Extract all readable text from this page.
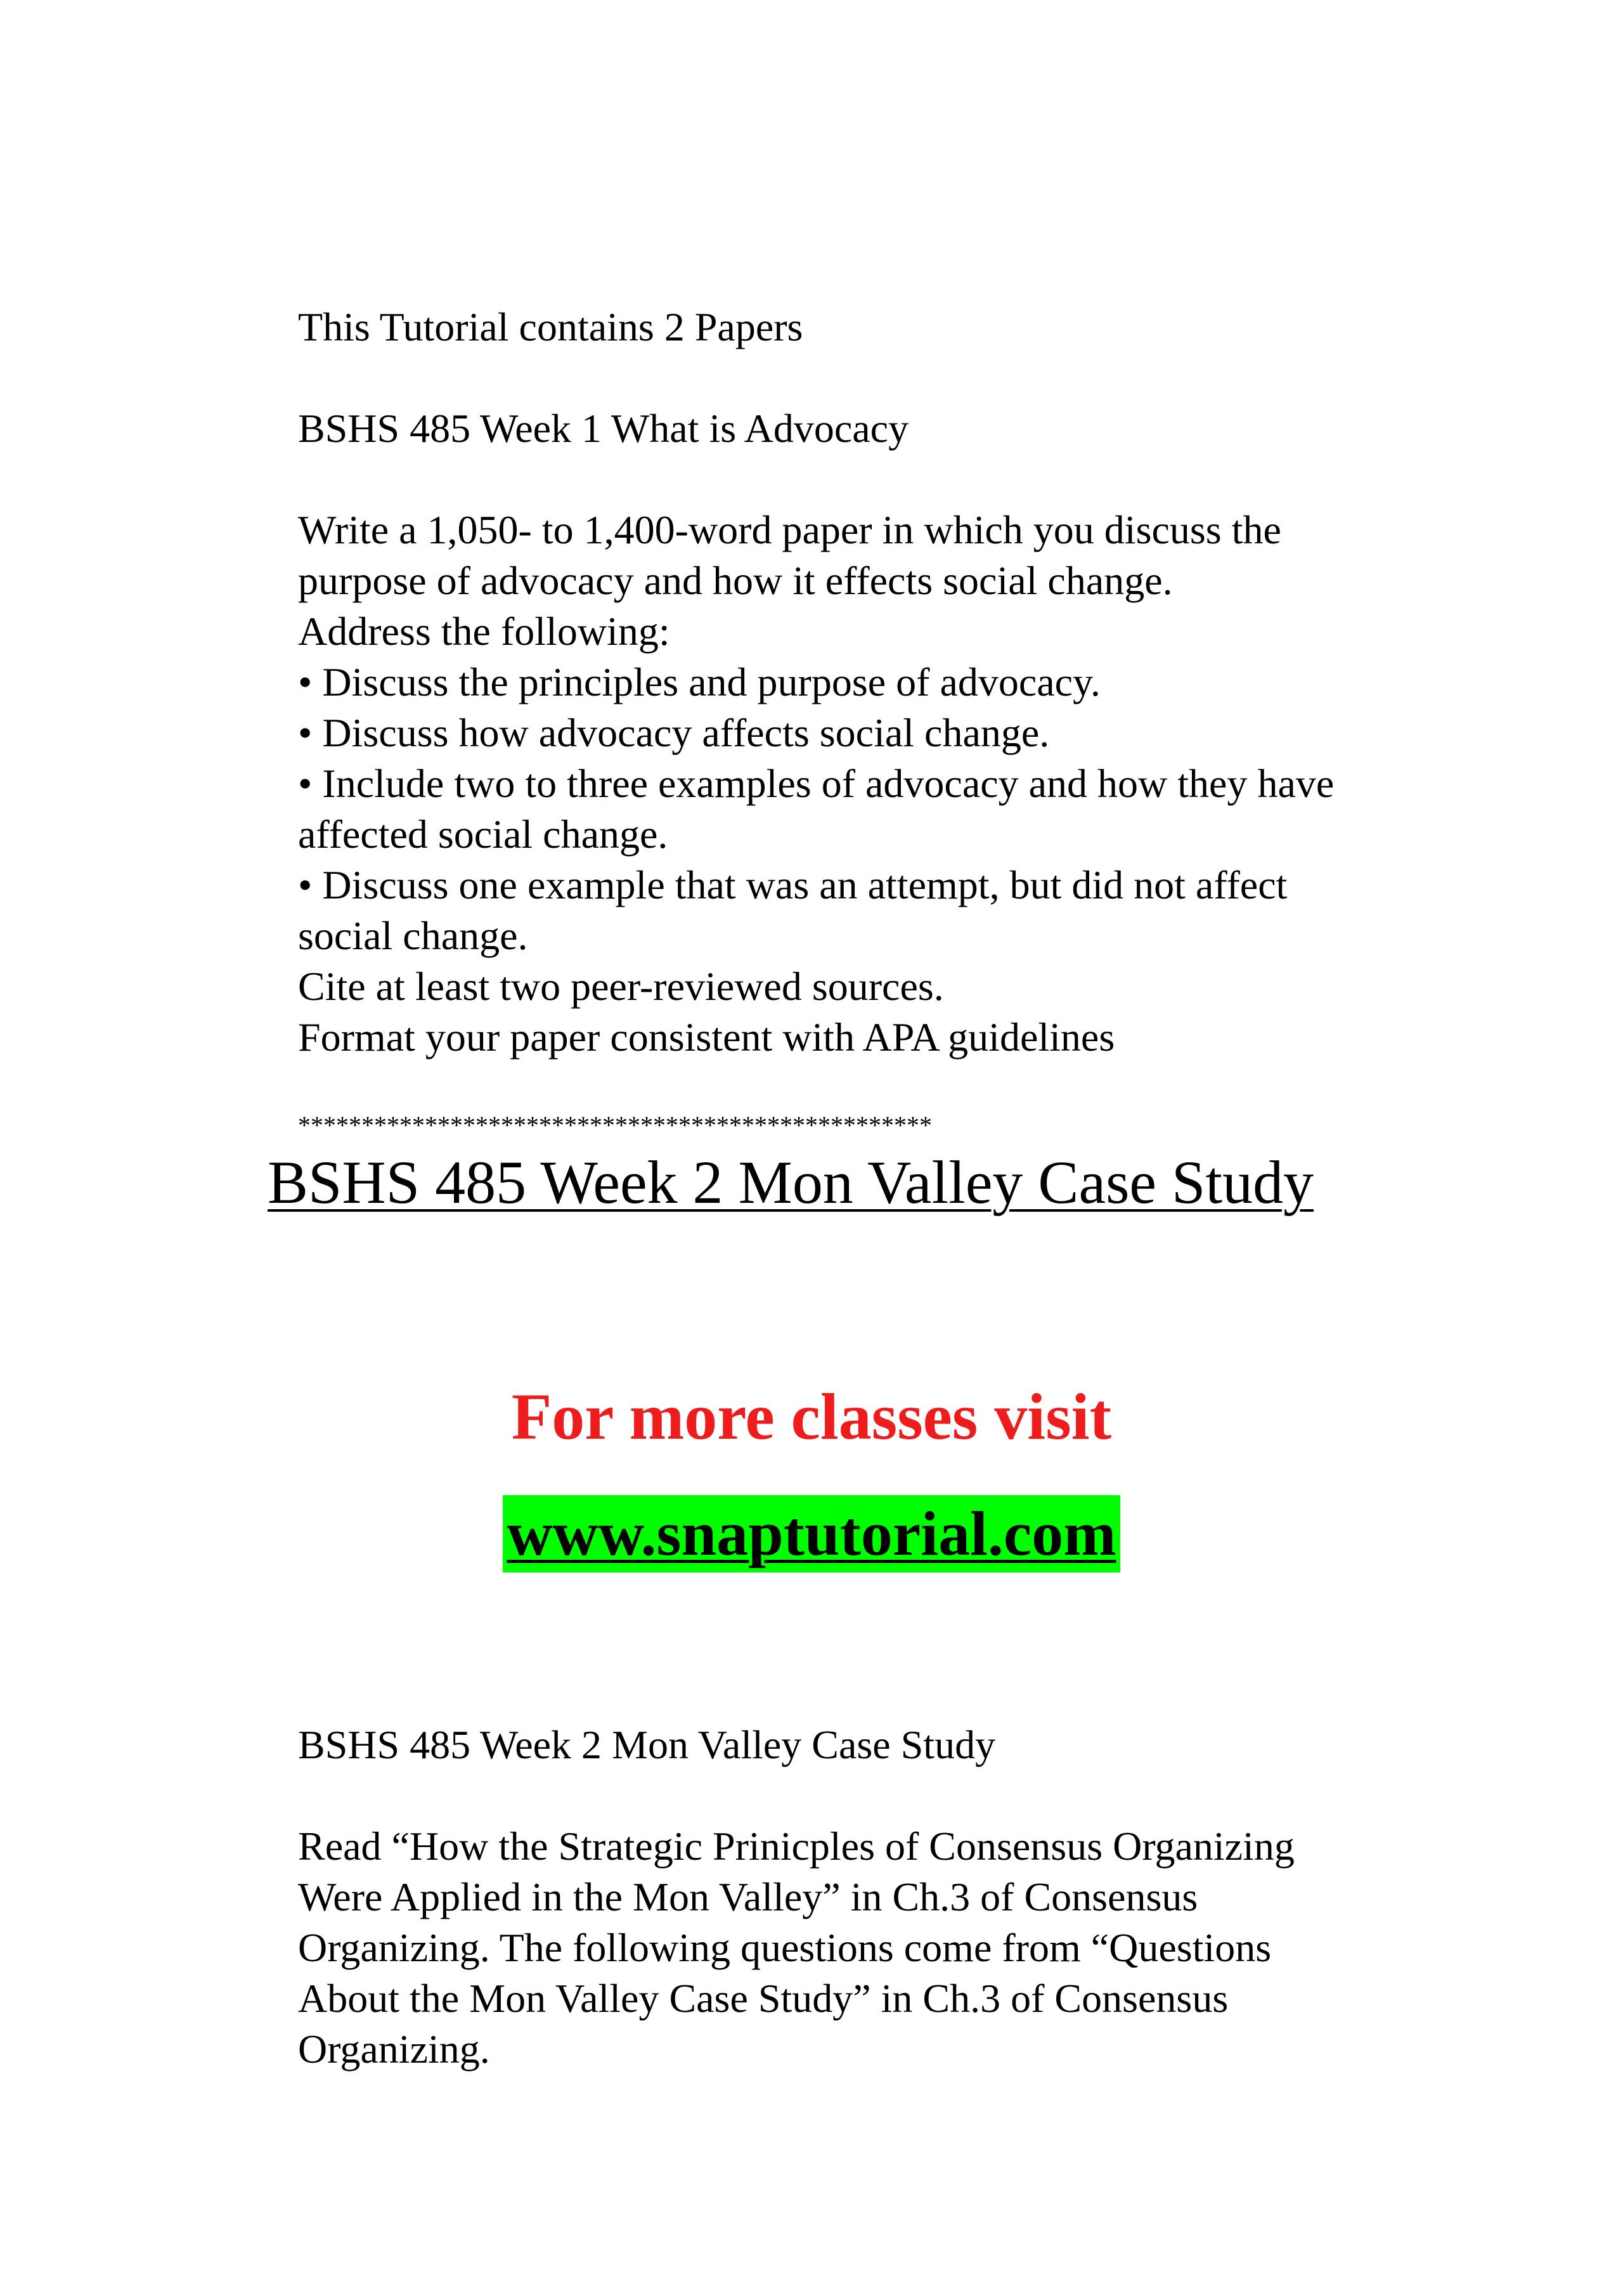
This Tutorial contains 2 Papers
BSHS 485 Week 1 What is Advocacy
Write a 1,050- to 1,400-word paper in which you discuss the
purpose of advocacy and how it effects social change.
Address the following:
• Discuss the principles and purpose of advocacy.
• Discuss how advocacy affects social change.
• Include two to three examples of advocacy and how they have
affected social change.
• Discuss one example that was an attempt, but did not affect
social change.
Cite at least two peer-reviewed sources.
Format your paper consistent with APA guidelines
**************************************************
BSHS 485 Week 2 Mon Valley Case Study
For more classes visit
www.snaptutorial.com
BSHS 485 Week 2 Mon Valley Case Study
Read “How the Strategic Prinicples of Consensus Organizing
Were Applied in the Mon Valley” in Ch.3 of Consensus
Organizing. The following questions come from “Questions
About the Mon Valley Case Study” in Ch.3 of Consensus
Organizing.
